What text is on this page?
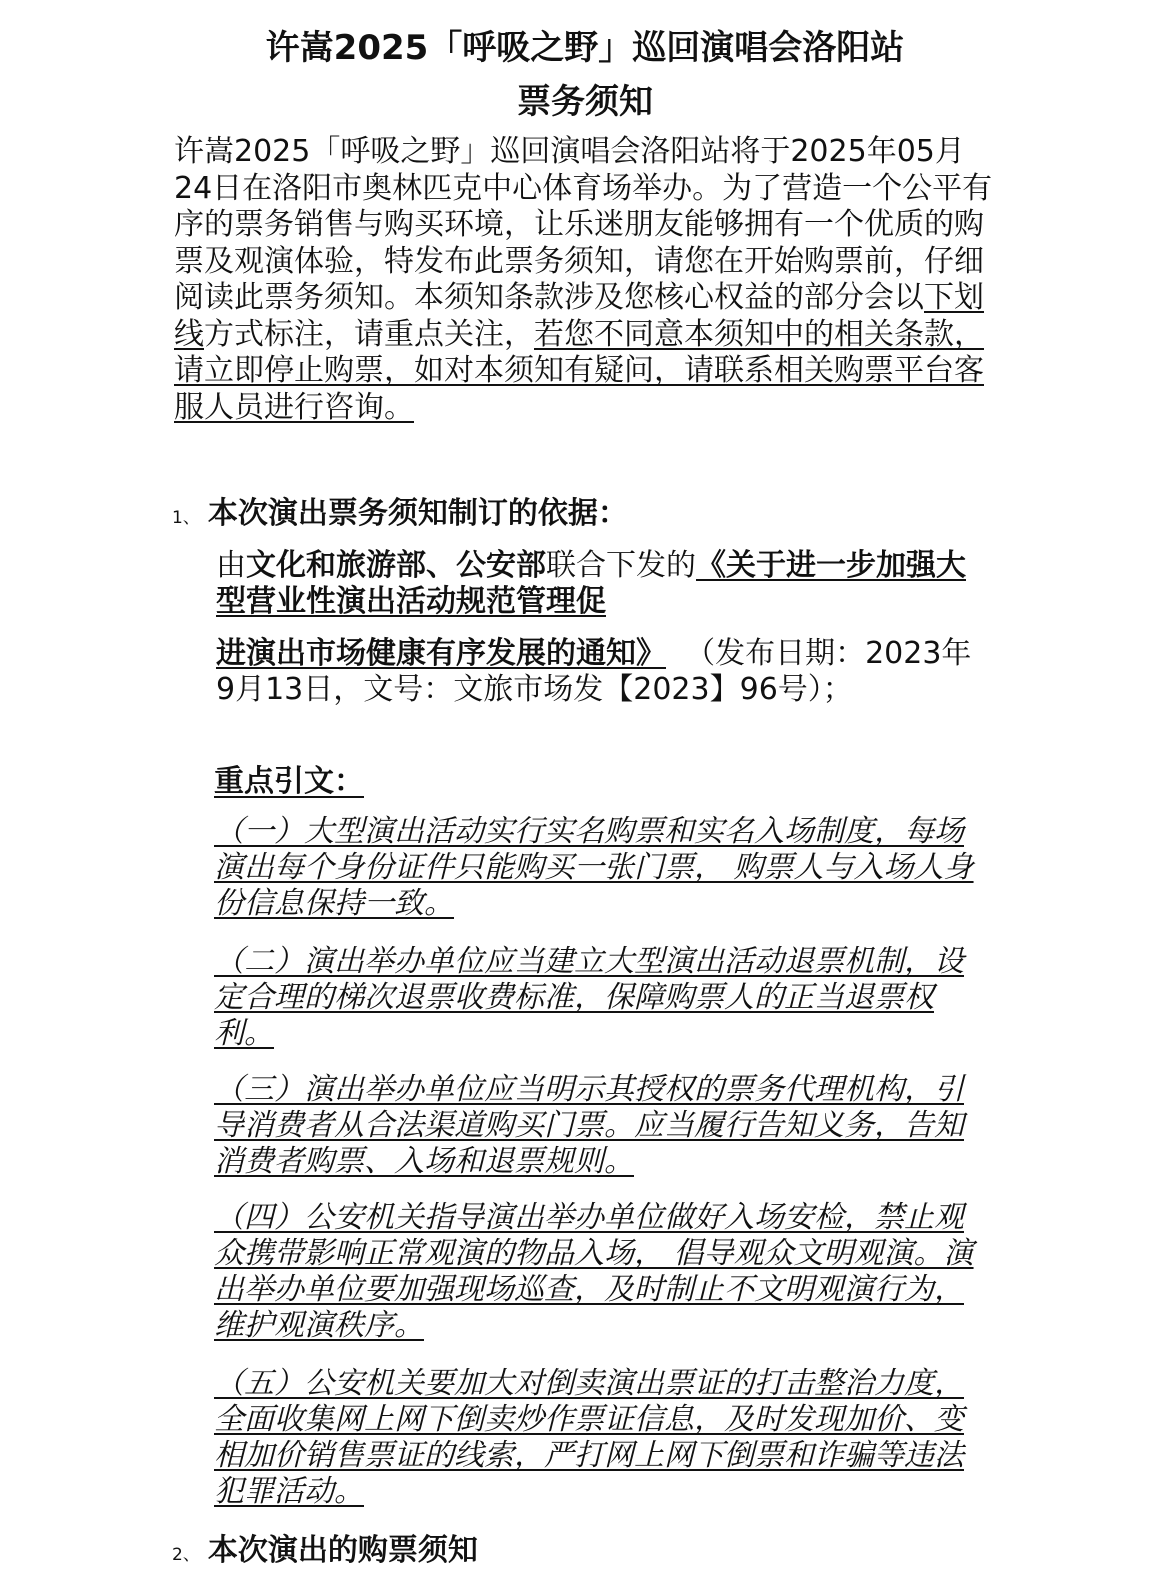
许嵩2025「呼吸之野」巡回演唱会洛阳站
票务须知
许嵩2025「呼吸之野」巡回演唱会洛阳站将于2025年05月24日在洛阳市奥林匹克中心体育场举办。为了营造一个公平有序的票务销售与购买环境，让乐迷朋友能够拥有一个优质的购票及观演体验，特发布此票务须知，请您在开始购票前，仔细阅读此票务须知。本须知条款涉及您核心权益的部分会以下划线方式标注，请重点关注，若您不同意本须知中的相关条款，请立即停止购票，如对本须知有疑问，请联系相关购票平台客服人员进行咨询。
1、 本次演出票务须知制订的依据：
由文化和旅游部、公安部联合下发的《关于进一步加强大型营业性演出活动规范管理促
进演出市场健康有序发展的通知》 （发布日期：2023年9月13日，文号：文旅市场发【2023】96号）；
重点引文：
（一）大型演出活动实行实名购票和实名入场制度，每场演出每个身份证件只能购买一张门票， 购票人与入场人身份信息保持一致。
（二）演出举办单位应当建立大型演出活动退票机制，设定合理的梯次退票收费标准，保障购票人的正当退票权利。
（三）演出举办单位应当明示其授权的票务代理机构，引导消费者从合法渠道购买门票。应当履行告知义务，告知消费者购票、入场和退票规则。
（四）公安机关指导演出举办单位做好入场安检，禁止观众携带影响正常观演的物品入场， 倡导观众文明观演。演出举办单位要加强现场巡查，及时制止不文明观演行为，维护观演秩序。
（五）公安机关要加大对倒卖演出票证的打击整治力度，全面收集网上网下倒卖炒作票证信息，及时发现加价、变相加价销售票证的线索，严打网上网下倒票和诈骗等违法犯罪活动。
2、 本次演出的购票须知
